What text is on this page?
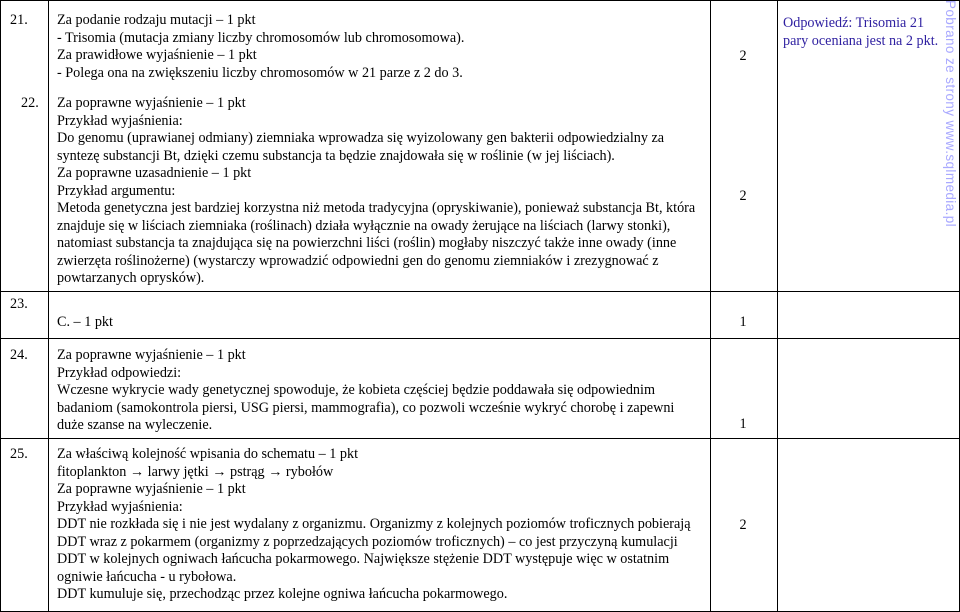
21. Za podanie rodzaju mutacji – 1 pkt
- Trisomia (mutacja zmiany liczby chromosomów lub chromosomowa).
Za prawidłowe wyjaśnienie – 1 pkt
- Polega ona na zwiększeniu liczby chromosomów w 21 parze z 2 do 3.
2
Odpowiedź: Trisomia 21
pary oceniana jest na 2 pkt.
22. Za poprawne wyjaśnienie – 1 pkt
Przykład wyjaśnienia:
Do genomu (uprawianej odmiany) ziemniaka wprowadza się wyizolowany gen bakterii odpowiedzialny za
syntezę substancji Bt, dzięki czemu substancja ta będzie znajdowała się w roślinie (w jej liściach).
Za poprawne uzasadnienie – 1 pkt
Przykład argumentu:
Metoda genetyczna jest bardziej korzystna niż metoda tradycyjna (opryskiwanie), ponieważ substancja Bt, która
znajduje się w liściach ziemniaka (roślinach) działa wyłącznie na owady żerujące na liściach (larwy stonki),
natomiast substancja ta znajdująca się na powierzchni liści (roślin) mogłaby niszczyć także inne owady (inne
zwierzęta roślinożerne) (wystarczy wprowadzić odpowiedni gen do genomu ziemniaków i zrezygnować z
powtarzanych oprysków).
2
23.
C. – 1 pkt	1
24. Za poprawne wyjaśnienie – 1 pkt
Przykład odpowiedzi:
Wczesne wykrycie wady genetycznej spowoduje, że kobieta częściej będzie poddawała się odpowiednim
badaniom (samokontrola piersi, USG piersi, mammografia), co pozwoli wcześnie wykryć chorobę i zapewni
duże szanse na wyleczenie.	1
25. Za właściwą kolejność wpisania do schematu – 1 pkt
fitoplankton → larwy jętki → pstrąg → rybołów
Za poprawne wyjaśnienie – 1 pkt
Przykład wyjaśnienia:
DDT nie rozkłada się i nie jest wydalany z organizmu. Organizmy z kolejnych poziomów troficznych pobierają
DDT wraz z pokarmem (organizmy z poprzedzających poziomów troficznych) – co jest przyczyną kumulacji
DDT w kolejnych ogniwach łańcucha pokarmowego. Największe stężenie DDT występuje więc w ostatnim
ogniwie łańcucha - u rybołowa.
DDT kumuluje się, przechodząc przez kolejne ogniwa łańcucha pokarmowego.
2
Pobrano ze strony www.sqlmedia.pl
